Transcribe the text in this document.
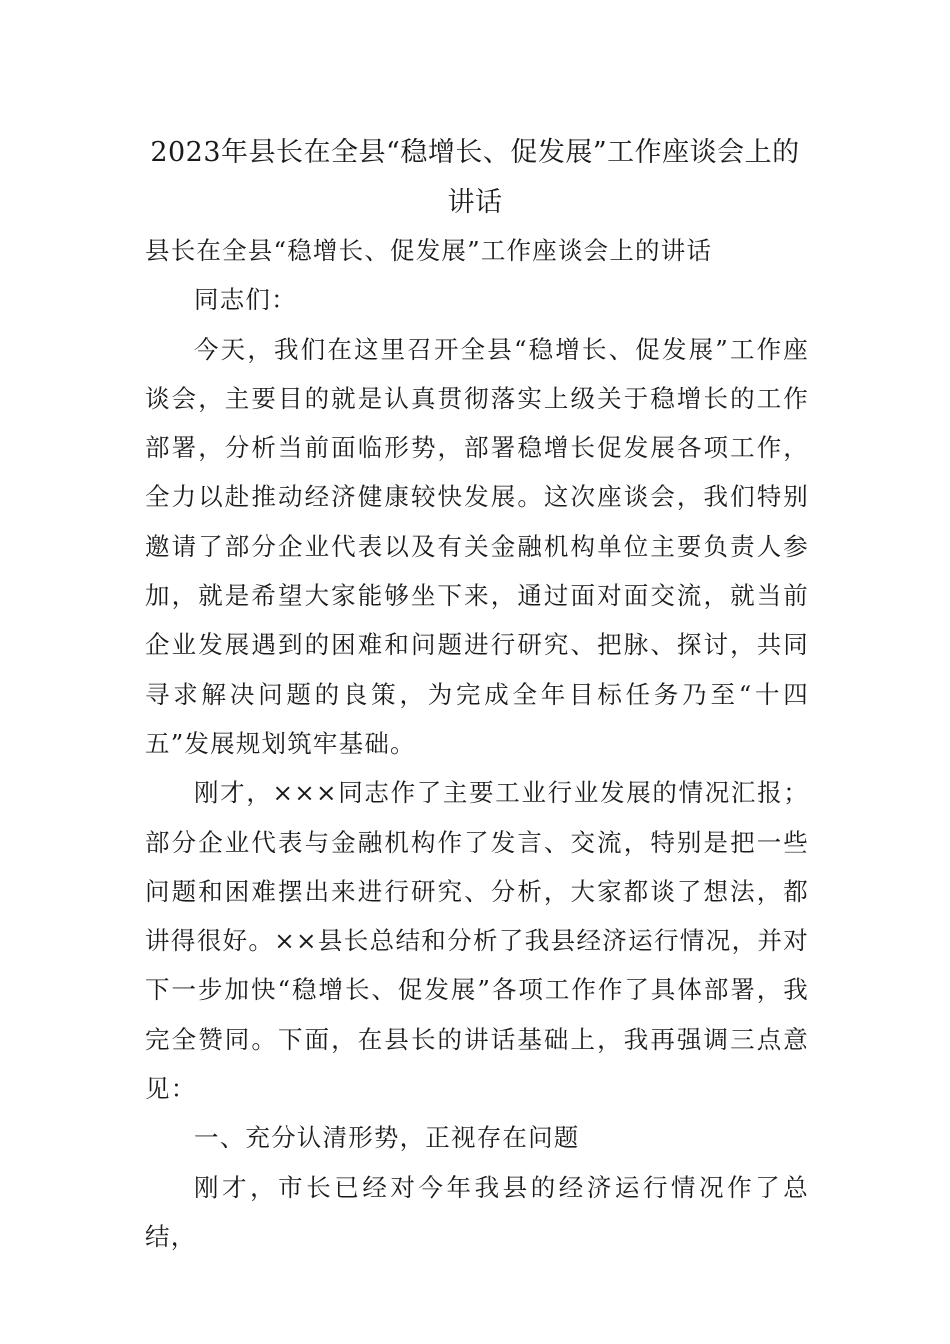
2023年县长在全县“稳增长、促发展”工作座谈会上的讲话

县长在全县“稳增长、促发展”工作座谈会上的讲话

同志们：

今天，我们在这里召开全县“稳增长、促发展”工作座谈会，主要目的就是认真贯彻落实上级关于稳增长的工作部署，分析当前面临形势，部署稳增长促发展各项工作，全力以赴推动经济健康较快发展。这次座谈会，我们特别邀请了部分企业代表以及有关金融机构单位主要负责人参加，就是希望大家能够坐下来，通过面对面交流，就当前企业发展遇到的困难和问题进行研究、把脉、探讨，共同寻求解决问题的良策，为完成全年目标任务乃至“十四五”发展规划筑牢基础。

刚才，×××同志作了主要工业行业发展的情况汇报；部分企业代表与金融机构作了发言、交流，特别是把一些问题和困难摆出来进行研究、分析，大家都谈了想法，都讲得很好。××县长总结和分析了我县经济运行情况，并对下一步加快“稳增长、促发展”各项工作作了具体部署，我完全赞同。下面，在县长的讲话基础上，我再强调三点意见：

一、充分认清形势，正视存在问题

刚才，市长已经对今年我县的经济运行情况作了总结，
